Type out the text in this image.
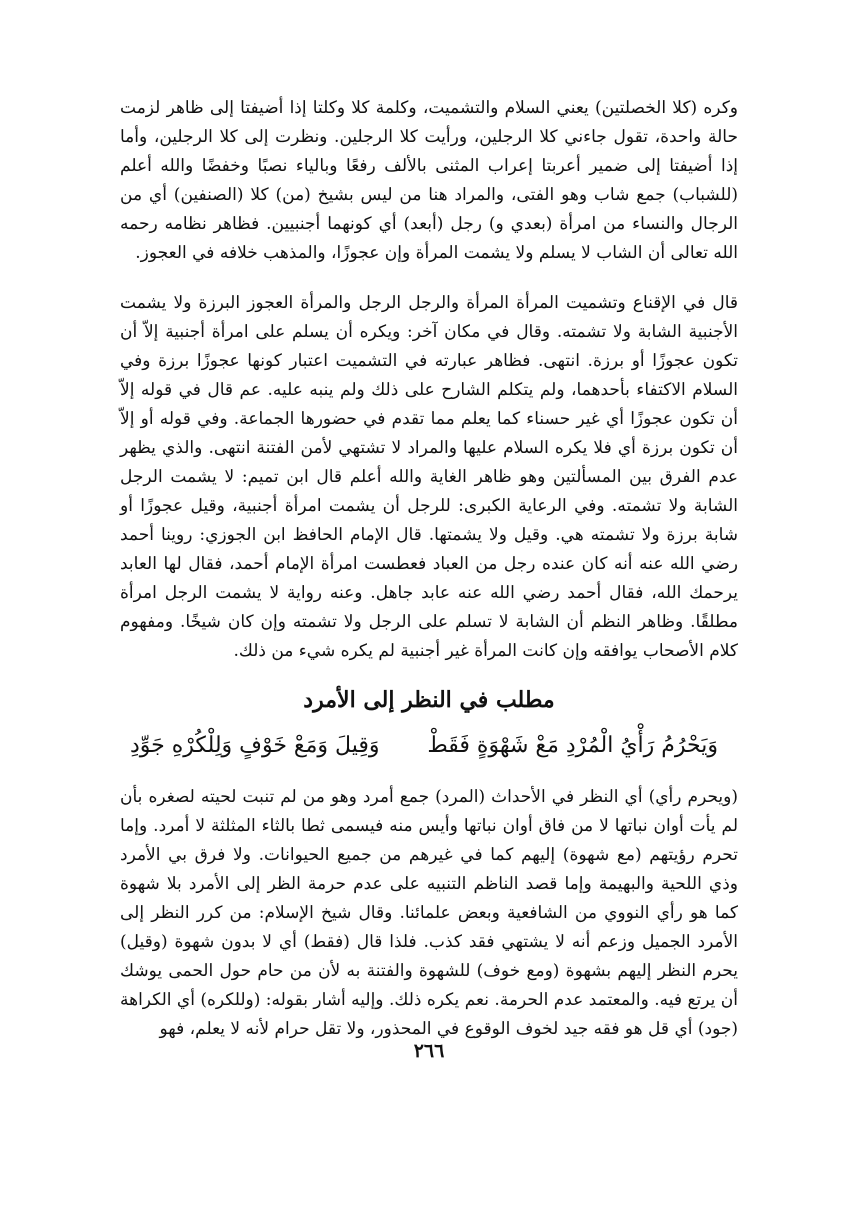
وكره (كلا الخصلتين) يعني السلام والتشميت، وكلمة كلا وكلتا إذا أضيفتا إلى ظاهر لزمت حالة واحدة، تقول جاءني كلا الرجلين، ورأيت كلا الرجلين. ونظرت إلى كلا الرجلين، وأما إذا أضيفتا إلى ضمير أعربتا إعراب المثنى بالألف رفعًا وبالياء نصبًا وخفضًا والله أعلم (للشباب) جمع شاب وهو الفتى، والمراد هنا من ليس بشيخ (من) كلا (الصنفين) أي من الرجال والنساء من امرأة (بعدي و) رجل (أبعد) أي كونهما أجنبيين. فظاهر نظامه رحمه الله تعالى أن الشاب لا يسلم ولا يشمت المرأة وإن عجوزًا، والمذهب خلافه في العجوز.

قال في الإقناع وتشميت المرأة المرأة والرجل الرجل والمرأة العجوز البرزة ولا يشمت الأجنبية الشابة ولا تشمته. وقال في مكان آخر: ويكره أن يسلم على امرأة أجنبية إلاّ أن تكون عجوزًا أو برزة. انتهى. فظاهر عبارته في التشميت اعتبار كونها عجوزًا برزة وفي السلام الاكتفاء بأحدهما، ولم يتكلم الشارح على ذلك ولم ينبه عليه. عم قال في قوله إلاّ أن تكون عجوزًا أي غير حسناء كما يعلم مما تقدم في حضورها الجماعة. وفي قوله أو إلاّ أن تكون برزة أي فلا يكره السلام عليها والمراد لا تشتهي لأمن الفتنة انتهى. والذي يظهر عدم الفرق بين المسألتين وهو ظاهر الغاية والله أعلم قال ابن تميم: لا يشمت الرجل الشابة ولا تشمته. وفي الرعاية الكبرى: للرجل أن يشمت امرأة أجنبية، وقيل عجوزًا أو شابة برزة ولا تشمته هي. وقيل ولا يشمتها. قال الإمام الحافظ ابن الجوزي: روينا أحمد رضي الله عنه أنه كان عنده رجل من العباد فعطست امرأة الإمام أحمد، فقال لها العابد يرحمك الله، فقال أحمد رضي الله عنه عابد جاهل. وعنه رواية لا يشمت الرجل امرأة مطلقًا. وظاهر النظم أن الشابة لا تسلم على الرجل ولا تشمته وإن كان شيخًا. ومفهوم كلام الأصحاب يوافقه وإن كانت المرأة غير أجنبية لم يكره شيء من ذلك.

مطلب في النظر إلى الأمرد
وَيَحْرُمُ رَأْيُ الْمُرْدِ مَعْ شَهْوَةٍ فَقَطْ
وَقِيلَ وَمَعْ خَوْفٍ وَلِلْكُرْهِ جَوِّدِ

(ويحرم رأي) أي النظر في الأحداث (المرد) جمع أمرد وهو من لم تنبت لحيته لصغره بأن لم يأت أوان نباتها لا من فاق أوان نباتها وأيس منه فيسمى ثطا بالثاء المثلثة لا أمرد. وإما تحرم رؤيتهم (مع شهوة) إليهم كما في غيرهم من جميع الحيوانات. ولا فرق بي الأمرد وذي اللحية والبهيمة وإما قصد الناظم التنبيه على عدم حرمة الظر إلى الأمرد بلا شهوة كما هو رأي النووي من الشافعية وبعض علمائنا. وقال شيخ الإسلام: من كرر النظر إلى الأمرد الجميل وزعم أنه لا يشتهي فقد كذب. فلذا قال (فقط) أي لا بدون شهوة (وقيل) يحرم النظر إليهم بشهوة (ومع خوف) للشهوة والفتنة به لأن من حام حول الحمى يوشك أن يرتع فيه. والمعتمد عدم الحرمة. نعم يكره ذلك. وإليه أشار بقوله: (وللكره) أي الكراهة (جود) أي قل هو فقه جيد لخوف الوقوع في المحذور، ولا تقل حرام لأنه لا يعلم، فهو

٢٦٦
